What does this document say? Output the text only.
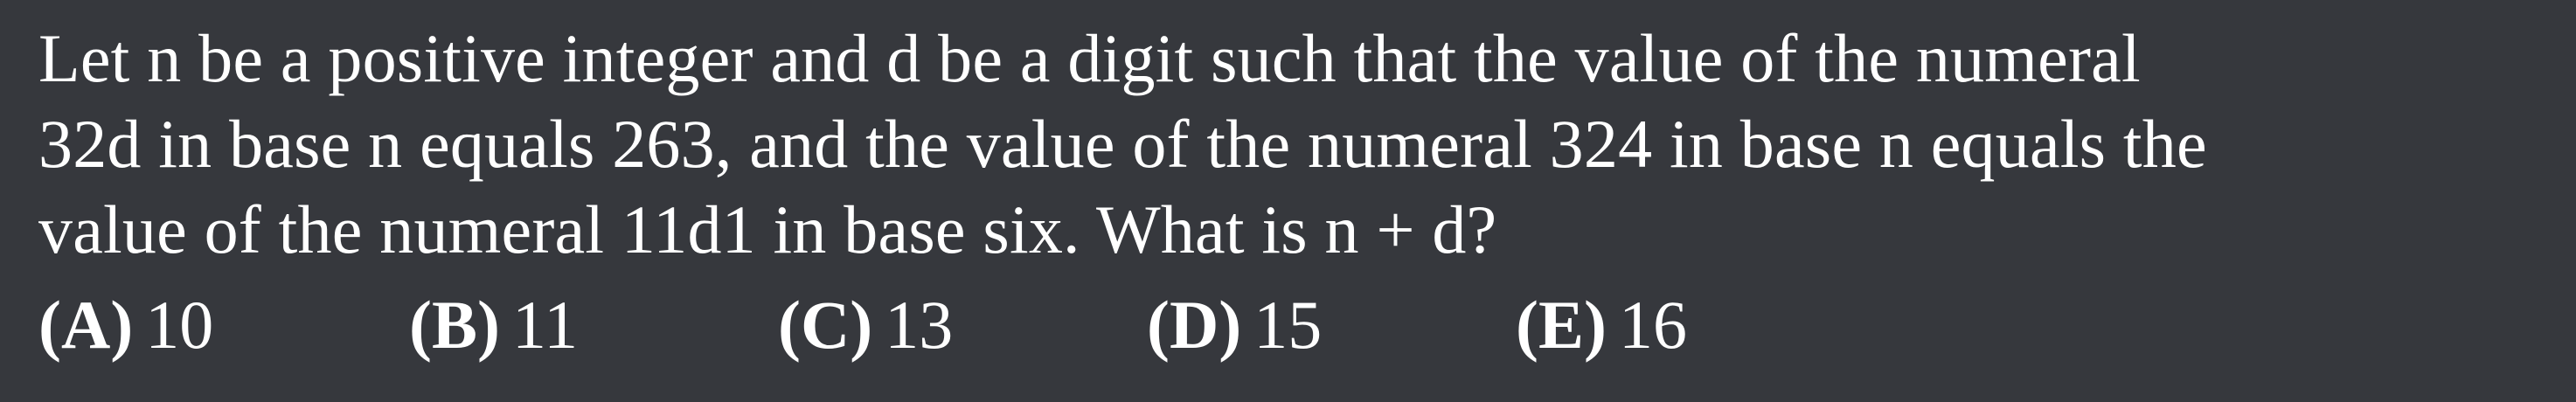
Let n be a positive integer and d be a digit such that the value of the numeral
32d in base n equals 263, and the value of the numeral 324 in base n equals the
value of the numeral 11d1 in base six. What is n + d?

(A) 10	(B) 11	(C) 13	(D) 15	(E) 16
